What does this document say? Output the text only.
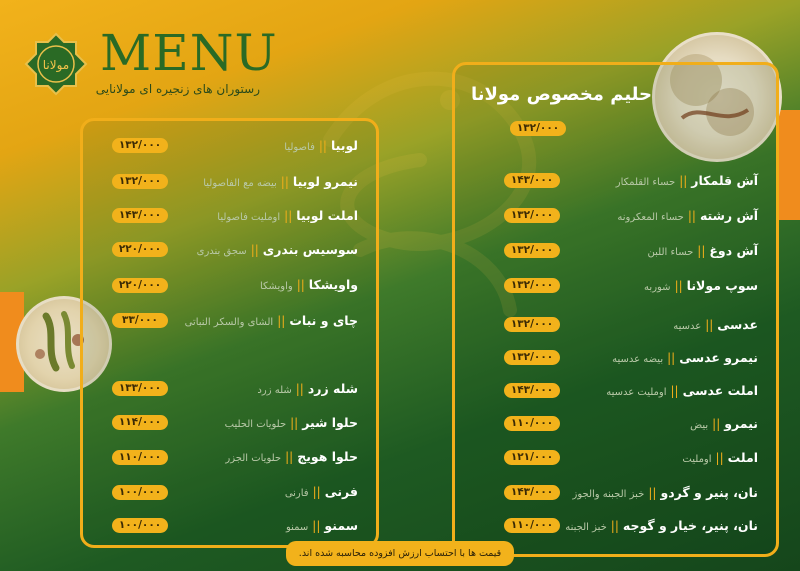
مولانا MENU
رستوران های زنجیره ای مولانایی	حلیم مخصوص مولانا
۱۳۲/۰۰۰
لوبیا||فاصولیا
۱۳۲/۰۰۰
نیمرو لوبیا||بیضه مع الفاصولیا
۱۳۲/۰۰۰
املت لوبیا||اوملیت فاصولیا
۱۴۳/۰۰۰
سوسیس بندری||سجق بندری
۲۲۰/۰۰۰
واویشکا||واویشکا
۲۲۰/۰۰۰
چای و نبات||الشای والسکر النباتی
۳۳/۰۰۰
شله زرد||شله زرد
۱۳۳/۰۰۰
حلوا شیر||حلویات الحلیب
۱۱۴/۰۰۰
حلوا هویج||حلویات الجزر
۱۱۰/۰۰۰
فرنی||فارنی
۱۰۰/۰۰۰
سمنو||سمنو
۱۰۰/۰۰۰
آش قلمکار||حساء القلمكار
۱۴۳/۰۰۰
آش رشته||حساء المعكرونه
۱۳۲/۰۰۰
آش دوغ||حساء اللبن
۱۳۲/۰۰۰
سوپ مولانا||شوربه
۱۳۲/۰۰۰
عدسی||عدسیه
۱۳۲/۰۰۰
نیمرو عدسی||بیضه عدسیه
۱۳۲/۰۰۰
املت عدسی||اوملیت عدسیه
۱۴۳/۰۰۰
نیمرو||بیض
۱۱۰/۰۰۰
املت||اوملیت
۱۲۱/۰۰۰
نان، پنیر و گردو||خبز الجبنه والجوز
۱۴۳/۰۰۰
نان، پنیر، خیار و گوجه||خبز الجبنه
۱۱۰/۰۰۰
قیمت ها با احتساب ارزش افزوده محاسبه شده اند.
